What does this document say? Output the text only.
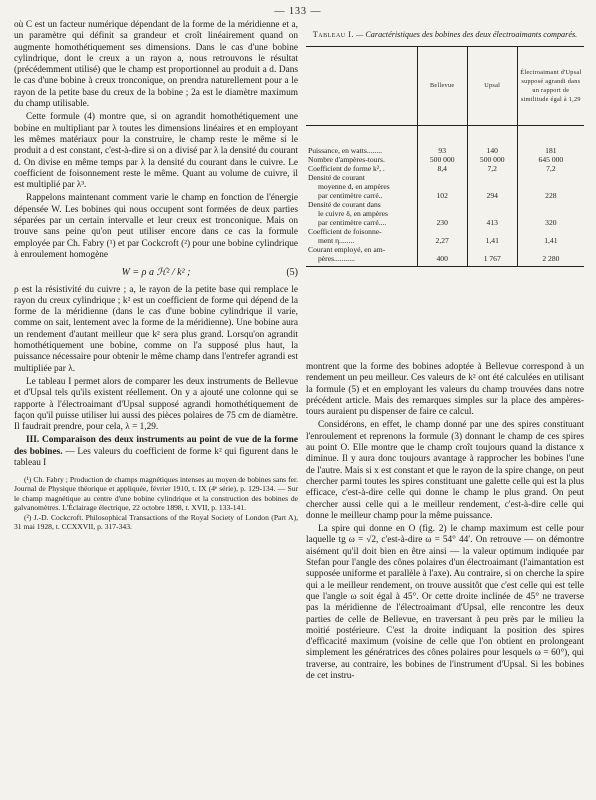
— 133 —

où C est un facteur numérique dépendant de la forme de la méridienne et a, un paramètre qui définit sa grandeur et croît linéairement quand on augmente homothétiquement ses dimensions. Dans le cas d'une bobine cylindrique, dont le creux a un rayon a, nous retrouvons le résultat (précédemment utilisé) que le champ est proportionnel au produit a d. Dans le cas d'une bobine à creux tronconique, on prendra naturellement pour a le rayon de la petite base du creux de la bobine ; 2a est le diamètre maximum du champ utilisable.

Cette formule (4) montre que, si on agrandit homothétiquement une bobine en multipliant par λ toutes les dimensions linéaires et en employant les mêmes matériaux pour la construire, le champ reste le même si le produit a d est constant, c'est-à-dire si on a divisé par λ la densité du courant d. On divise en même temps par λ la densité du courant dans le cuivre. Le coefficient de foisonnement reste le même. Quant au volume de cuivre, il est multiplié par λ³.

Rappelons maintenant comment varie le champ en fonction de l'énergie dépensée W. Les bobines qui nous occupent sont formées de deux parties séparées par un certain intervalle et leur creux est tronconique. Mais on trouve sans peine qu'on peut utiliser encore dans ce cas la formule employée par Ch. Fabry (¹) et par Cockcroft (²) pour une bobine cylindrique à enroulement homogène

W = ρ a ℋ² / k² ;	(5)

ρ est la résistivité du cuivre ; a, le rayon de la petite base qui remplace le rayon du creux cylindrique ; k² est un coefficient de forme qui dépend de la forme de la méridienne (dans le cas d'une bobine cylindrique il varie, comme on sait, lentement avec la forme de la méridienne). Une bobine aura un rendement d'autant meilleur que k² sera plus grand. Lorsqu'on agrandit homothétiquement une bobine, comme on l'a supposé plus haut, la puissance nécessaire pour obtenir le même champ dans l'entrefer agrandi est multipliée par λ.

Le tableau I permet alors de comparer les deux instruments de Bellevue et d'Upsal tels qu'ils existent réellement. On y a ajouté une colonne qui se rapporte à l'électroaimant d'Upsal supposé agrandi homothétiquement de façon qu'il puisse utiliser lui aussi des pièces polaires de 75 cm de diamètre. Il faudrait prendre, pour cela, λ = 1,29.

III. Comparaison des deux instruments au point de vue de la forme des bobines. — Les valeurs du coefficient de forme k² qui figurent dans le tableau I

(¹) Ch. Fabry ; Production de champs magnétiques intenses au moyen de bobines sans fer. Journal de Physique théorique et appliquée, février 1910, t. IX (4ᵉ série), p. 129-134. — Sur le champ magnétique au centre d'une bobine cylindrique et la construction des bobines de galvanomètres. L'Éclairage électrique, 22 octobre 1898, t. XVII, p. 133-141.

(²) J.-D. Cockcroft. Philosophical Transactions of the Royal Society of London (Part A), 31 mai 1928, t. CCXXVII, p. 317-343.

Tableau I. — Caractéristiques des bobines des deux électroaimants comparés.
	Bellevue	Upsal	Électroaimant d'Upsal supposé agrandi dans un rapport de similitude égal à 1,29

Puissance, en watts........	93	140	181

Nombre d'ampères-tours.	500 000	500 000	645 000

Coefficient de forme k², .	8,4	7,2	7,2

Densité de courant
moyenne d, en ampères
par centimètre carré..	102	294	228

Densité de courant dans
le cuivre δ, en ampères
par centimètre carré....	230	413	320

Coefficient de foisonne-
ment η........	2,27	1,41	1,41

Courant employé, en am-
pères...........	400	1 767	2 280

montrent que la forme des bobines adoptée à Bellevue correspond à un rendement un peu meilleur. Ces valeurs de k² ont été calculées en utilisant la formule (5) et en employant les valeurs du champ trouvées dans notre précédent article. Mais des remarques simples sur la place des ampères-tours auraient pu dispenser de faire ce calcul.

Considérons, en effet, le champ donné par une des spires constituant l'enroulement et reprenons la formule (3) donnant le champ de ces spires au point O. Elle montre que le champ croît toujours quand la distance x diminue. Il y aura donc toujours avantage à rapprocher les bobines l'une de l'autre. Mais si x est constant et que le rayon de la spire change, on peut chercher parmi toutes les spires constituant une galette celle qui est la plus efficace, c'est-à-dire celle qui donne le champ le plus grand. On peut chercher aussi celle qui a le meilleur rendement, c'est-à-dire celle qui donne le meilleur champ pour la même puissance.

La spire qui donne en O (fig. 2) le champ maximum est celle pour laquelle tg ω = √2, c'est-à-dire ω = 54° 44′. On retrouve — on démontre aisément qu'il doit bien en être ainsi — la valeur optimum indiquée par Stefan pour l'angle des cônes polaires d'un électroaimant (l'aimantation est supposée uniforme et parallèle à l'axe). Au contraire, si on cherche la spire qui a le meilleur rendement, on trouve aussitôt que c'est celle qui est telle que l'angle ω soit égal à 45°. Or cette droite inclinée de 45° ne traverse pas la méridienne de l'électroaimant d'Upsal, elle rencontre les deux parties de celle de Bellevue, en traversant à peu près par le milieu la moitié postérieure. C'est la droite indiquant la position des spires d'efficacité maximum (voisine de celle que l'on obtient en prolongeant simplement les génératrices des cônes polaires pour lesquels ω = 60°), qui traverse, au contraire, les bobines de l'instrument d'Upsal. Si les bobines de cet instru-
